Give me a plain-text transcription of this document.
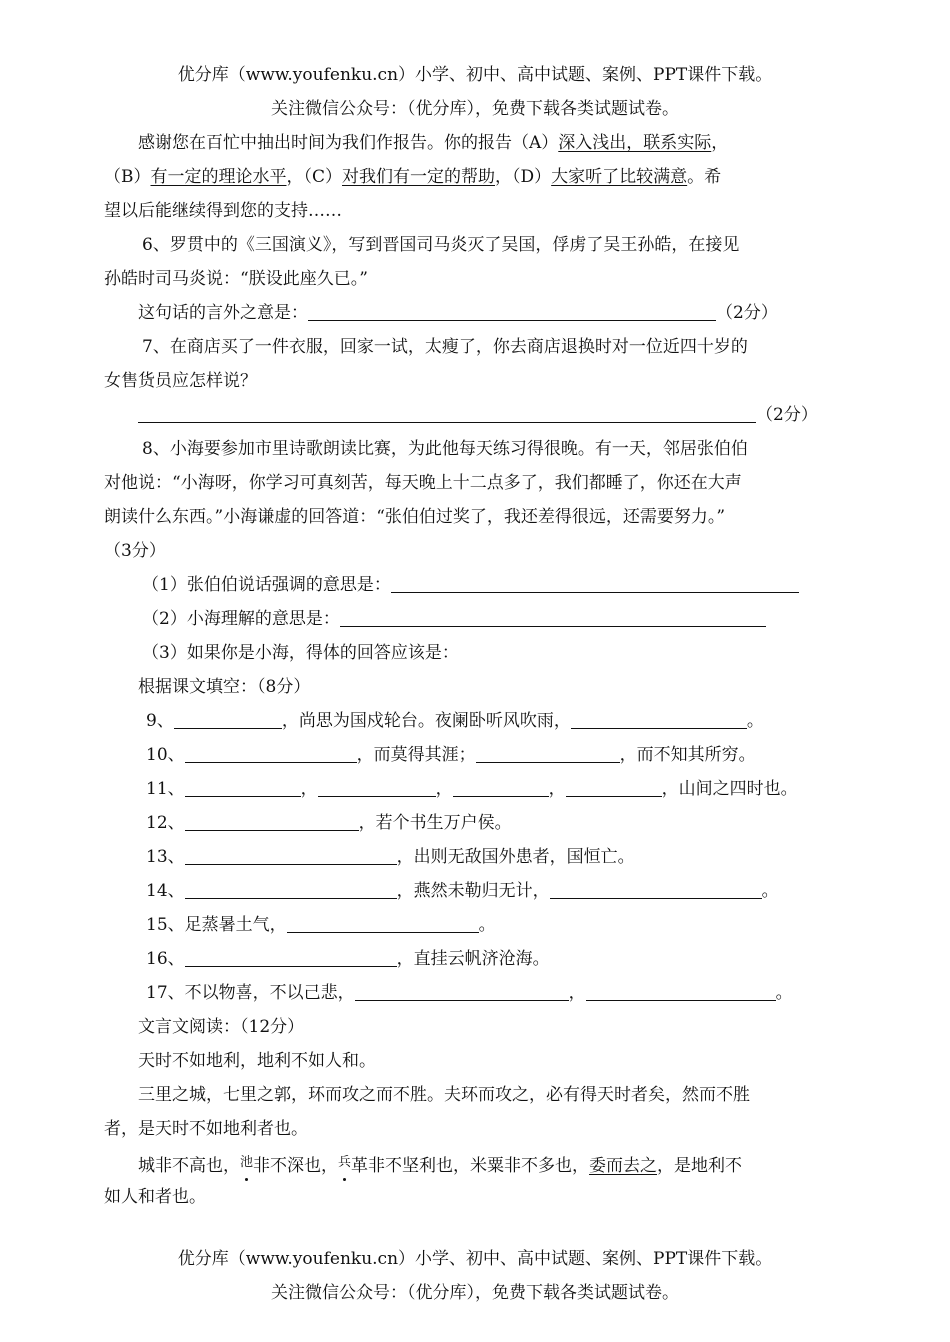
优分库（www.youfenku.cn）小学、初中、高中试题、案例、PPT课件下载。
关注微信公众号：（优分库），免费下载各类试题试卷。
感谢您在百忙中抽出时间为我们作报告。你的报告（A）深入浅出，联系实际，
（B）有一定的理论水平，（C）对我们有一定的帮助，（D）大家听了比较满意。希
望以后能继续得到您的支持……
6、罗贯中的《三国演义》，写到晋国司马炎灭了吴国，俘虏了吴王孙皓，在接见
孙皓时司马炎说：“朕设此座久已。”
这句话的言外之意是：	（2分）
7、在商店买了一件衣服，回家一试，太瘦了，你去商店退换时对一位近四十岁的
女售货员应怎样说？
（2分）
8、小海要参加市里诗歌朗读比赛，为此他每天练习得很晚。有一天，邻居张伯伯
对他说：“小海呀，你学习可真刻苦，每天晚上十二点多了，我们都睡了，你还在大声
朗读什么东西。”小海谦虚的回答道：“张伯伯过奖了，我还差得很远，还需要努力。”
（3分）
（1）张伯伯说话强调的意思是：
（2）小海理解的意思是：
（3）如果你是小海，得体的回答应该是：
根据课文填空：（8分）
9、	，尚思为国戍轮台。夜阑卧听风吹雨，	。
10、	，而莫得其涯；	，而不知其所穷。
11、	，	，	，	，山间之四时也。
12、	，若个书生万户侯。
13、	，出则无敌国外患者，国恒亡。
14、	，燕然未勒归无计，	。
15、足蒸暑土气，	。
16、	，直挂云帆济沧海。
17、不以物喜，不以己悲，	，	。
文言文阅读：（12分）
天时不如地利，地利不如人和。
三里之城，七里之郭，环而攻之而不胜。夫环而攻之，必有得天时者矣，然而不胜
者，是天时不如地利者也。
城非不高也，池非不深也，兵革非不坚利也，米粟非不多也，委而去之，是地利不
如人和者也。
优分库（www.youfenku.cn）小学、初中、高中试题、案例、PPT课件下载。
关注微信公众号：（优分库），免费下载各类试题试卷。
